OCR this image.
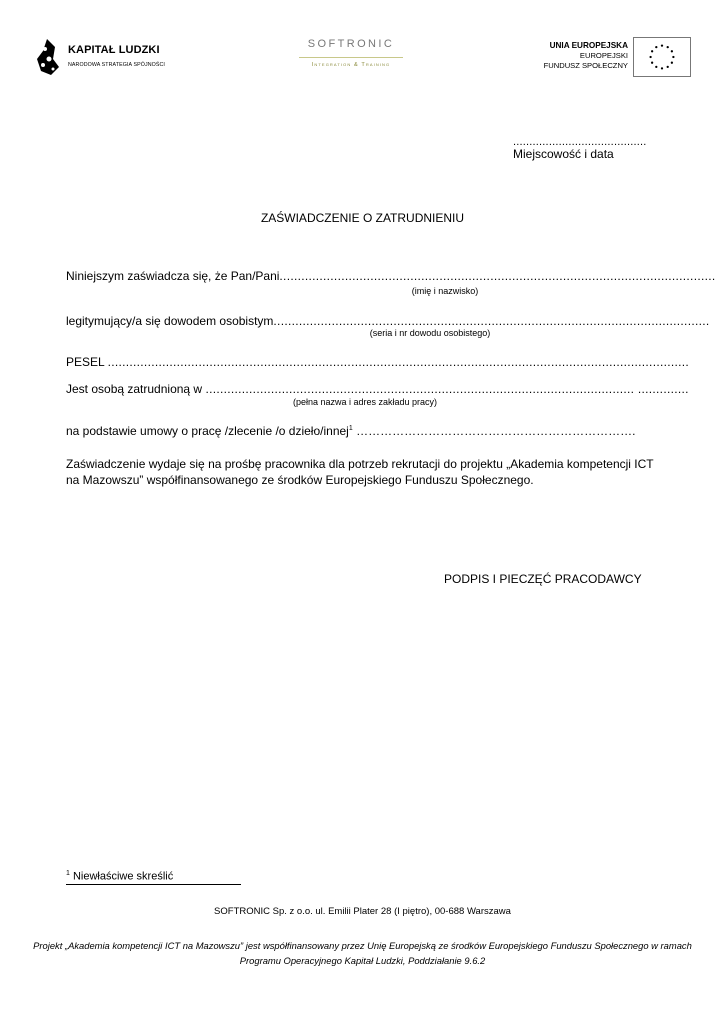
KAPITAŁ LUDZKI
NARODOWA STRATEGIA SPÓJNOŚCI
SOFTRONIC
Integration & Training
UNIA EUROPEJSKA
EUROPEJSKI
FUNDUSZ SPOŁECZNY
.........................................
Miejscowość i data
ZAŚWIADCZENIE O ZATRUDNIENIU
Niniejszym zaświadcza się, że Pan/Pani........................................................................................................................
(imię i nazwisko)
legitymujący/a się dowodem osobistym........................................................................................................................
(seria i nr dowodu osobistego)
PESEL ................................................................................................................................................................
Jest osobą zatrudnioną w ...................................................................................................................... ..............
(pełna nazwa i adres zakładu pracy)
na podstawie umowy o pracę /zlecenie /o dzieło/innej$^1$ …………………………………………………………….
Zaświadczenie wydaje się na prośbę pracownika dla potrzeb rekrutacji do projektu „Akademia kompetencji ICT na Mazowszu” współfinansowanego ze środków Europejskiego Funduszu Społecznego.
PODPIS I PIECZĘĆ PRACODAWCY
$^1$ Niewłaściwe skreślić
SOFTRONIC Sp. z o.o. ul. Emilii Plater 28 (I piętro), 00-688 Warszawa
Projekt „Akademia kompetencji ICT na Mazowszu” jest współfinansowany przez Unię Europejską ze środków Europejskiego Funduszu Społecznego w ramach
Programu Operacyjnego Kapitał Ludzki, Poddziałanie 9.6.2
